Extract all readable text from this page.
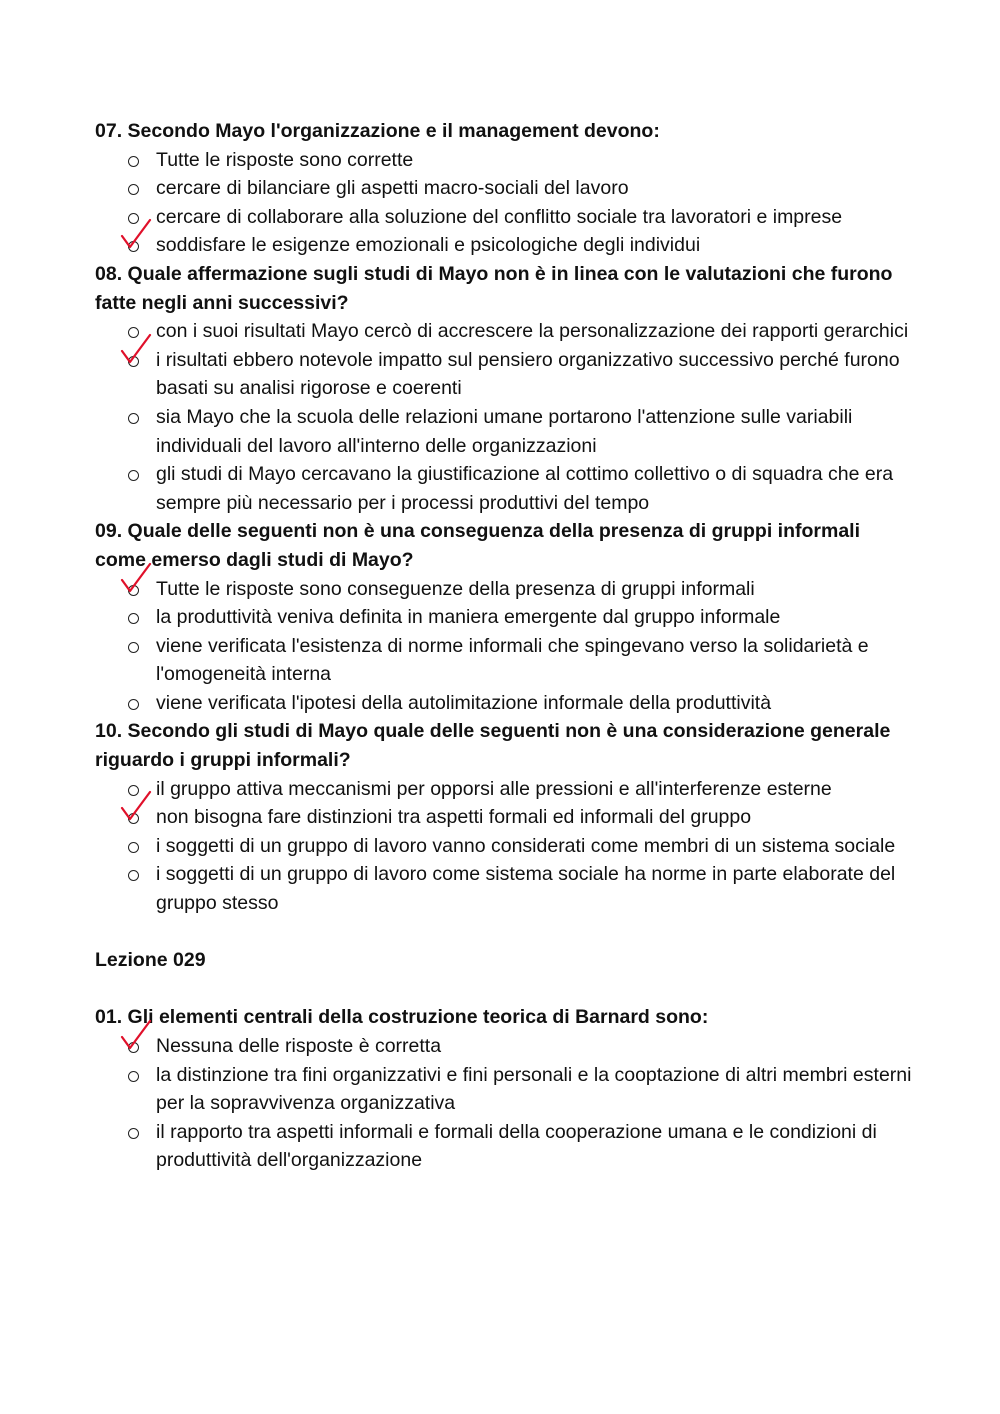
07. Secondo Mayo l'organizzazione e il management devono:

Tutte le risposte sono corrette
cercare di bilanciare gli aspetti macro-sociali del lavoro
cercare di collaborare alla soluzione del conflitto sociale tra lavoratori e imprese
soddisfare le esigenze emozionali e psicologiche degli individui

08. Quale affermazione sugli studi di Mayo non è in linea con le valutazioni che furono fatte negli anni successivi?

con i suoi risultati Mayo cercò di accrescere la personalizzazione dei rapporti gerarchici
i risultati ebbero notevole impatto sul pensiero organizzativo successivo perché furono basati su analisi rigorose e coerenti
sia Mayo che la scuola delle relazioni umane portarono l'attenzione sulle variabili individuali del lavoro all'interno delle organizzazioni
gli studi di Mayo cercavano la giustificazione al cottimo collettivo o di squadra che era sempre più necessario per i processi produttivi del tempo

09. Quale delle seguenti non è una conseguenza della presenza di gruppi informali come emerso dagli studi di Mayo?

Tutte le risposte sono conseguenze della presenza di gruppi informali
la produttività veniva definita in maniera emergente dal gruppo informale
viene verificata l'esistenza di norme informali che spingevano verso la solidarietà e l'omogeneità interna
viene verificata l'ipotesi della autolimitazione informale della produttività

10. Secondo gli studi di Mayo quale delle seguenti non è una considerazione generale riguardo i gruppi informali?

il gruppo attiva meccanismi per opporsi alle pressioni e all'interferenze esterne
non bisogna fare distinzioni tra aspetti formali ed informali del gruppo
i soggetti di un gruppo di lavoro vanno considerati come membri di un sistema sociale
i soggetti di un gruppo di lavoro come sistema sociale ha norme in parte elaborate del gruppo stesso
Lezione 029

01. Gli elementi centrali della costruzione teorica di Barnard sono:

Nessuna delle risposte è corretta
la distinzione tra fini organizzativi e fini personali e la cooptazione di altri membri esterni per la sopravvivenza organizzativa
il rapporto tra aspetti informali e formali della cooperazione umana e le condizioni di produttività dell'organizzazione
